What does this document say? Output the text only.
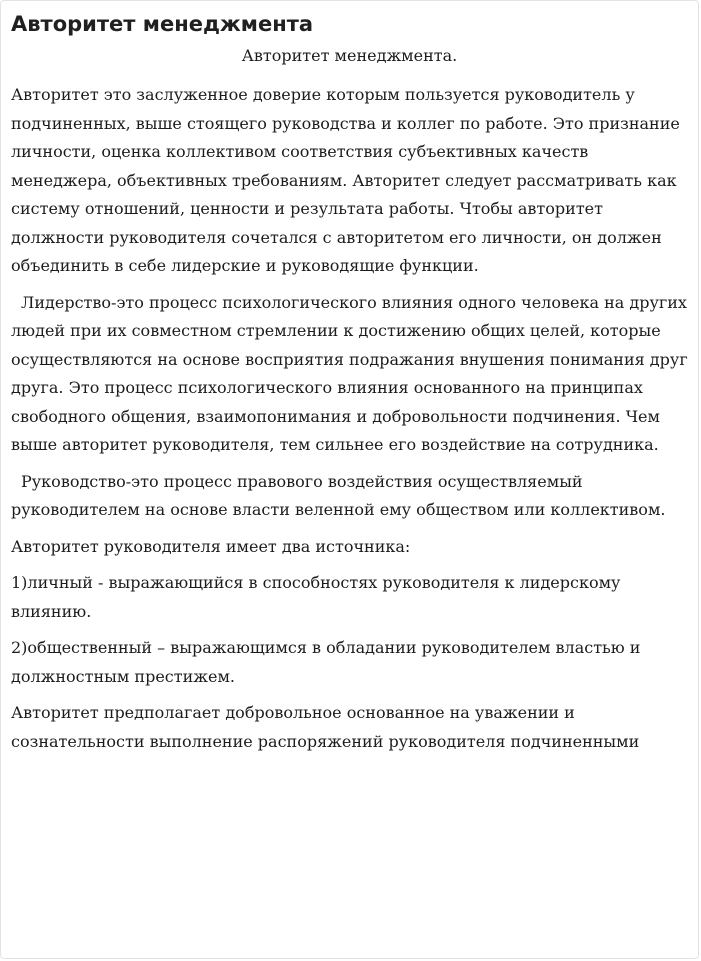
Авторитет менеджмента
Авторитет менеджмента.

Авторитет это заслуженное доверие которым пользуется руководитель у подчиненных, выше стоящего руководства и коллег по работе. Это признание личности, оценка коллективом соответствия субъективных качеств менеджера, объективных требованиям. Авторитет следует рассматривать как систему отношений, ценности и результата работы. Чтобы авторитет должности руководителя сочетался с авторитетом его личности, он должен объединить в себе лидерские и руководящие функции.

Лидерство-это процесс психологического влияния одного человека на других людей при их совместном стремлении к достижению общих целей, которые осуществляются на основе восприятия подражания внушения понимания друг друга. Это процесс психологического влияния основанного на принципах свободного общения, взаимопонимания и добровольности подчинения. Чем выше авторитет руководителя, тем сильнее его воздействие на сотрудника.

Руководство-это процесс правового воздействия осуществляемый руководителем на основе власти веленной ему обществом или коллективом.

Авторитет руководителя имеет два источника:

1)личный - выражающийся в способностях руководителя к лидерскому влиянию.

2)общественный – выражающимся в обладании руководителем властью и должностным престижем.

Авторитет предполагает добровольное основанное на уважении и сознательности выполнение распоряжений руководителя подчиненными
